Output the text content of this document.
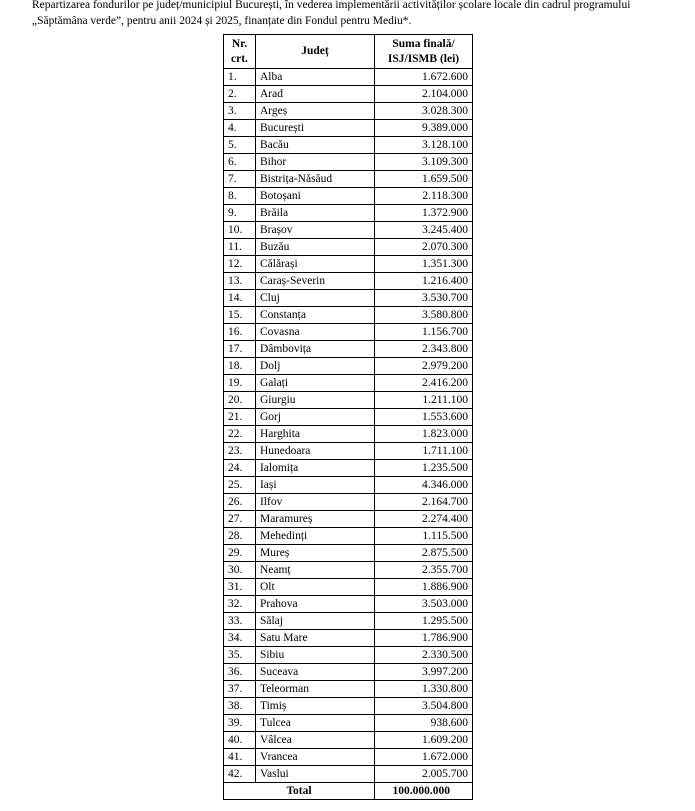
Repartizarea fondurilor pe județ/municipiul București, în vederea implementării activităților școlare locale din cadrul programului

„Săptămâna verde”, pentru anii 2024 și 2025, finanțate din Fondul pentru Mediu*.

Nr. crt.	Județ	Suma finală/ ISJ/ISMB (lei)
1.	Alba	1.672.600
2.	Arad	2.104.000
3.	Argeș	3.028.300
4.	București	9.389.000
5.	Bacău	3.128.100
6.	Bihor	3.109.300
7.	Bistrița-Năsăud	1.659.500
8.	Botoșani	2.118.300
9.	Brăila	1.372.900
10.	Brașov	3.245.400
11.	Buzău	2.070.300
12.	Călărași	1.351.300
13.	Caraș-Severin	1.216.400
14.	Cluj	3.530.700
15.	Constanța	3.580.800
16.	Covasna	1.156.700
17.	Dâmbovița	2.343.800
18.	Dolj	2.979.200
19.	Galați	2.416.200
20.	Giurgiu	1.211.100
21.	Gorj	1.553.600
22.	Harghita	1.823.000
23.	Hunedoara	1.711.100
24.	Ialomița	1.235.500
25.	Iași	4.346.000
26.	Ilfov	2.164.700
27.	Maramureș	2.274.400
28.	Mehedinți	1.115.500
29.	Mureș	2.875.500
30.	Neamț	2.355.700
31.	Olt	1.886.900
32.	Prahova	3.503.000
33.	Sălaj	1.295.500
34.	Satu Mare	1.786.900
35.	Sibiu	2.330.500
36.	Suceava	3.997.200
37.	Teleorman	1.330.800
38.	Timiș	3.504.800
39.	Tulcea	938.600
40.	Vâlcea	1.609.200
41.	Vrancea	1.672.000
42.	Vaslui	2.005.700
Total		100.000.000
